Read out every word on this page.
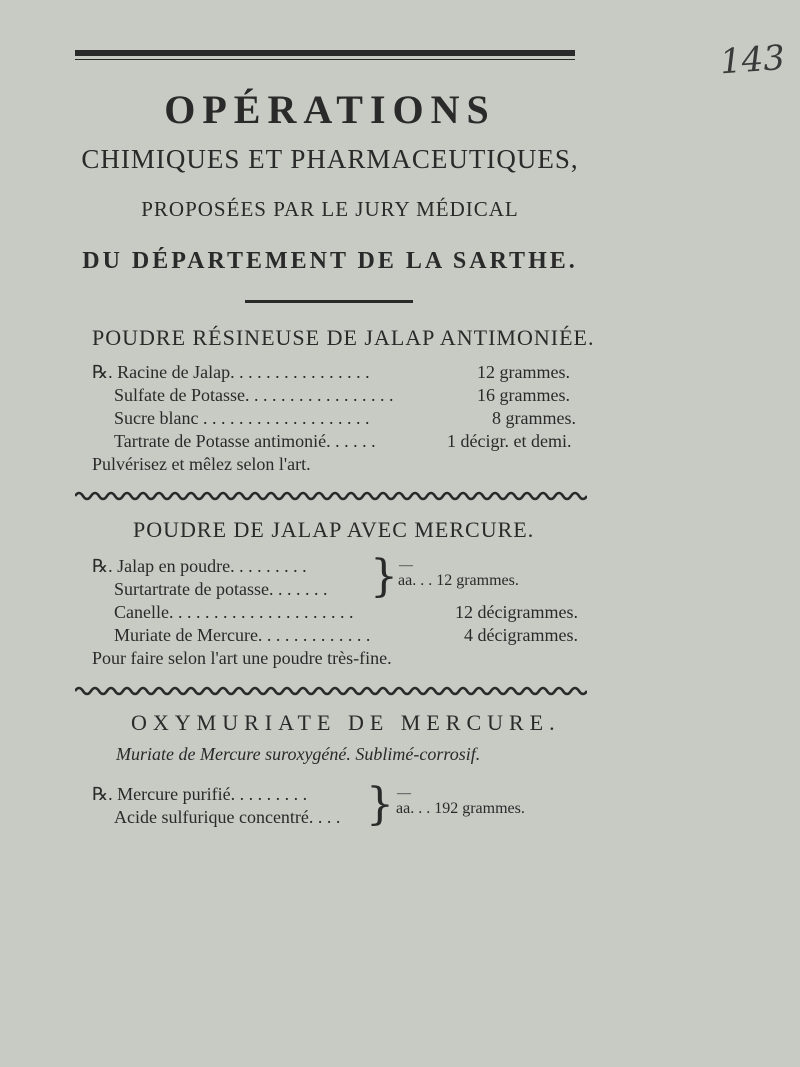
143
OPÉRATIONS
CHIMIQUES ET PHARMACEUTIQUES,
PROPOSÉES PAR LE JURY MÉDICAL
DU DÉPARTEMENT DE LA SARTHE.
POUDRE RÉSINEUSE DE JALAP ANTIMONIÉE.
℞. Racine de Jalap. . . . . . . . . . . . . . . .	12 grammes.
Sulfate de Potasse. . . . . . . . . . . . . . . . .	16 grammes.
Sucre blanc . . . . . . . . . . . . . . . . . . .	8 grammes.
Tartrate de Potasse antimonié. . . . . .	1 décigr. et demi.
Pulvérisez et mêlez selon l'art.
POUDRE DE JALAP AVEC MERCURE.
℞. Jalap en poudre. . . . . . . . .
Surtartrate de potasse. . . . . . . } —
aa. . . 12 grammes.
Canelle. . . . . . . . . . . . . . . . . . . . .	12 décigrammes.
Muriate de Mercure. . . . . . . . . . . . .	4 décigrammes.
Pour faire selon l'art une poudre très-fine.
OXYMURIATE DE MERCURE.
Muriate de Mercure suroxygéné. Sublimé-corrosif.
℞. Mercure purifié. . . . . . . . .
Acide sulfurique concentré. . . . } —
aa. . . 192 grammes.
